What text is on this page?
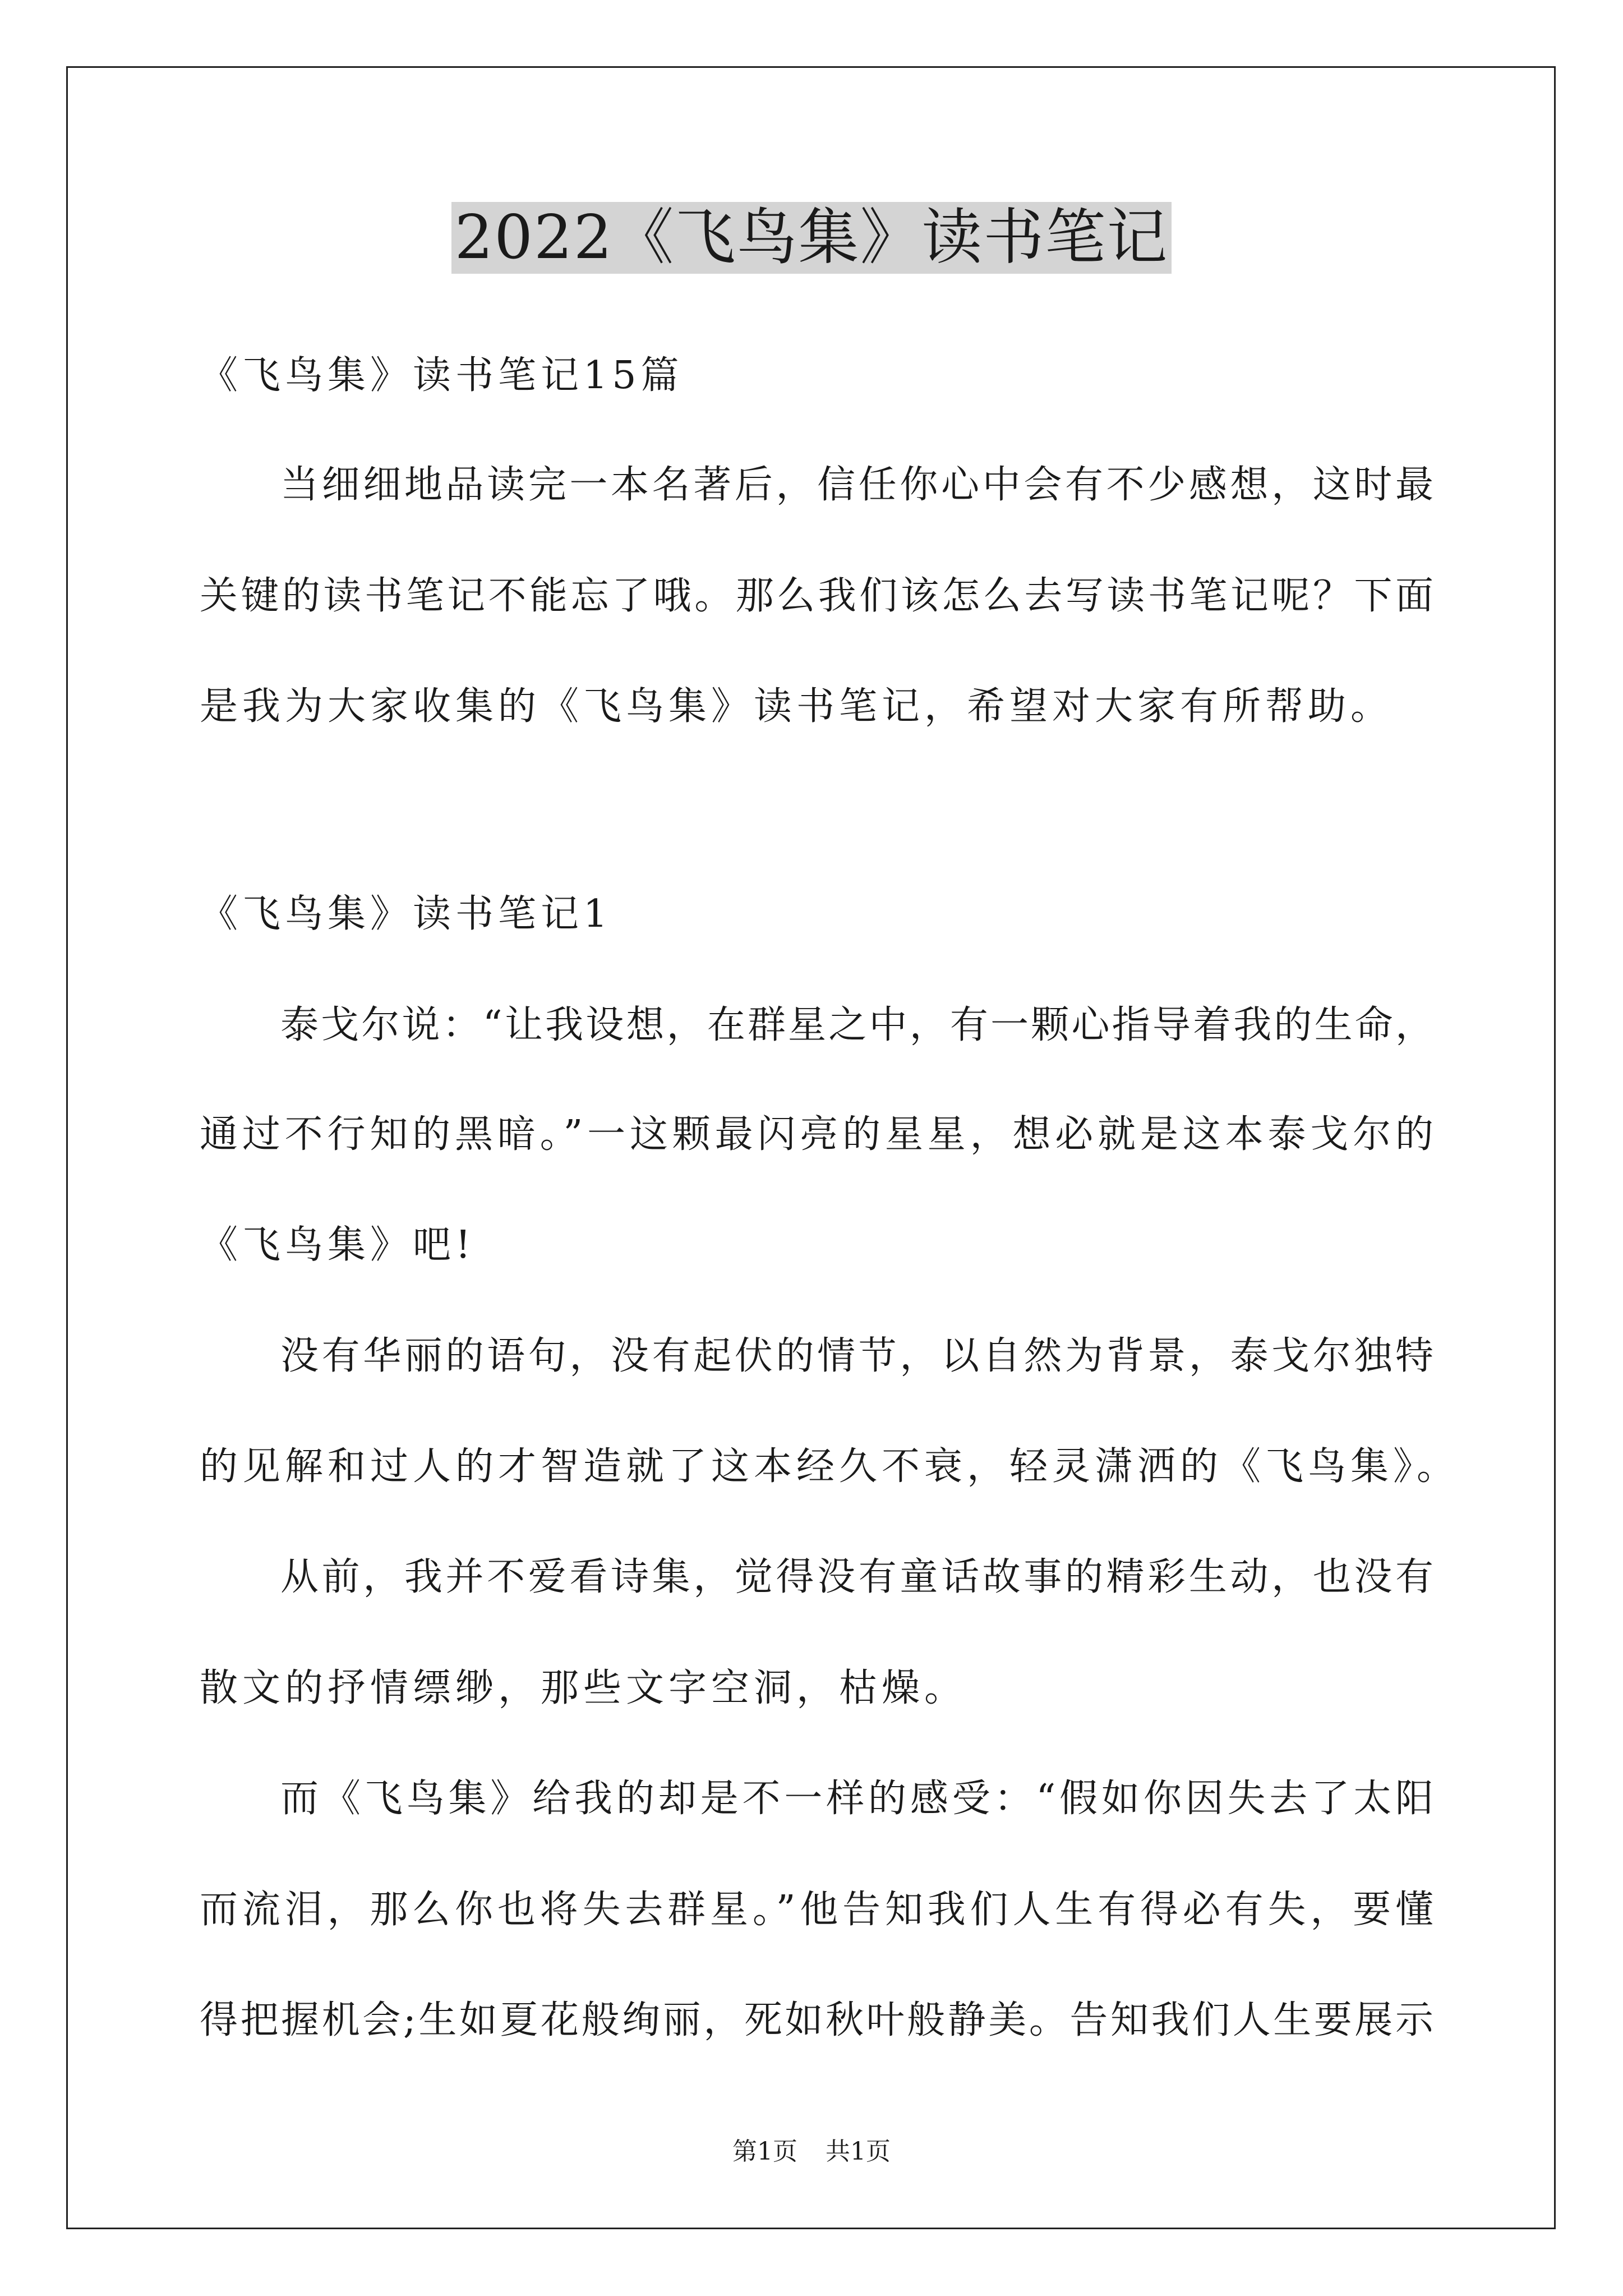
2022《飞鸟集》读书笔记

《飞鸟集》读书笔记15篇

当细细地品读完一本名著后，信任你心中会有不少感想，这时最

关键的读书笔记不能忘了哦。那么我们该怎么去写读书笔记呢？下面

是我为大家收集的《飞鸟集》读书笔记，希望对大家有所帮助。

《飞鸟集》读书笔记1

泰戈尔说：“让我设想，在群星之中，有一颗心指导着我的生命，

通过不行知的黑暗。”一这颗最闪亮的星星，想必就是这本泰戈尔的

《飞鸟集》吧!

没有华丽的语句，没有起伏的情节，以自然为背景，泰戈尔独特

的见解和过人的才智造就了这本经久不衰，轻灵潇洒的《飞鸟集》。

从前，我并不爱看诗集，觉得没有童话故事的精彩生动，也没有

散文的抒情缥缈，那些文字空洞，枯燥。

而《飞鸟集》给我的却是不一样的感受：“假如你因失去了太阳

而流泪，那么你也将失去群星。”他告知我们人生有得必有失，要懂

得把握机会;生如夏花般绚丽，死如秋叶般静美。告知我们人生要展示

第1页 共1页
